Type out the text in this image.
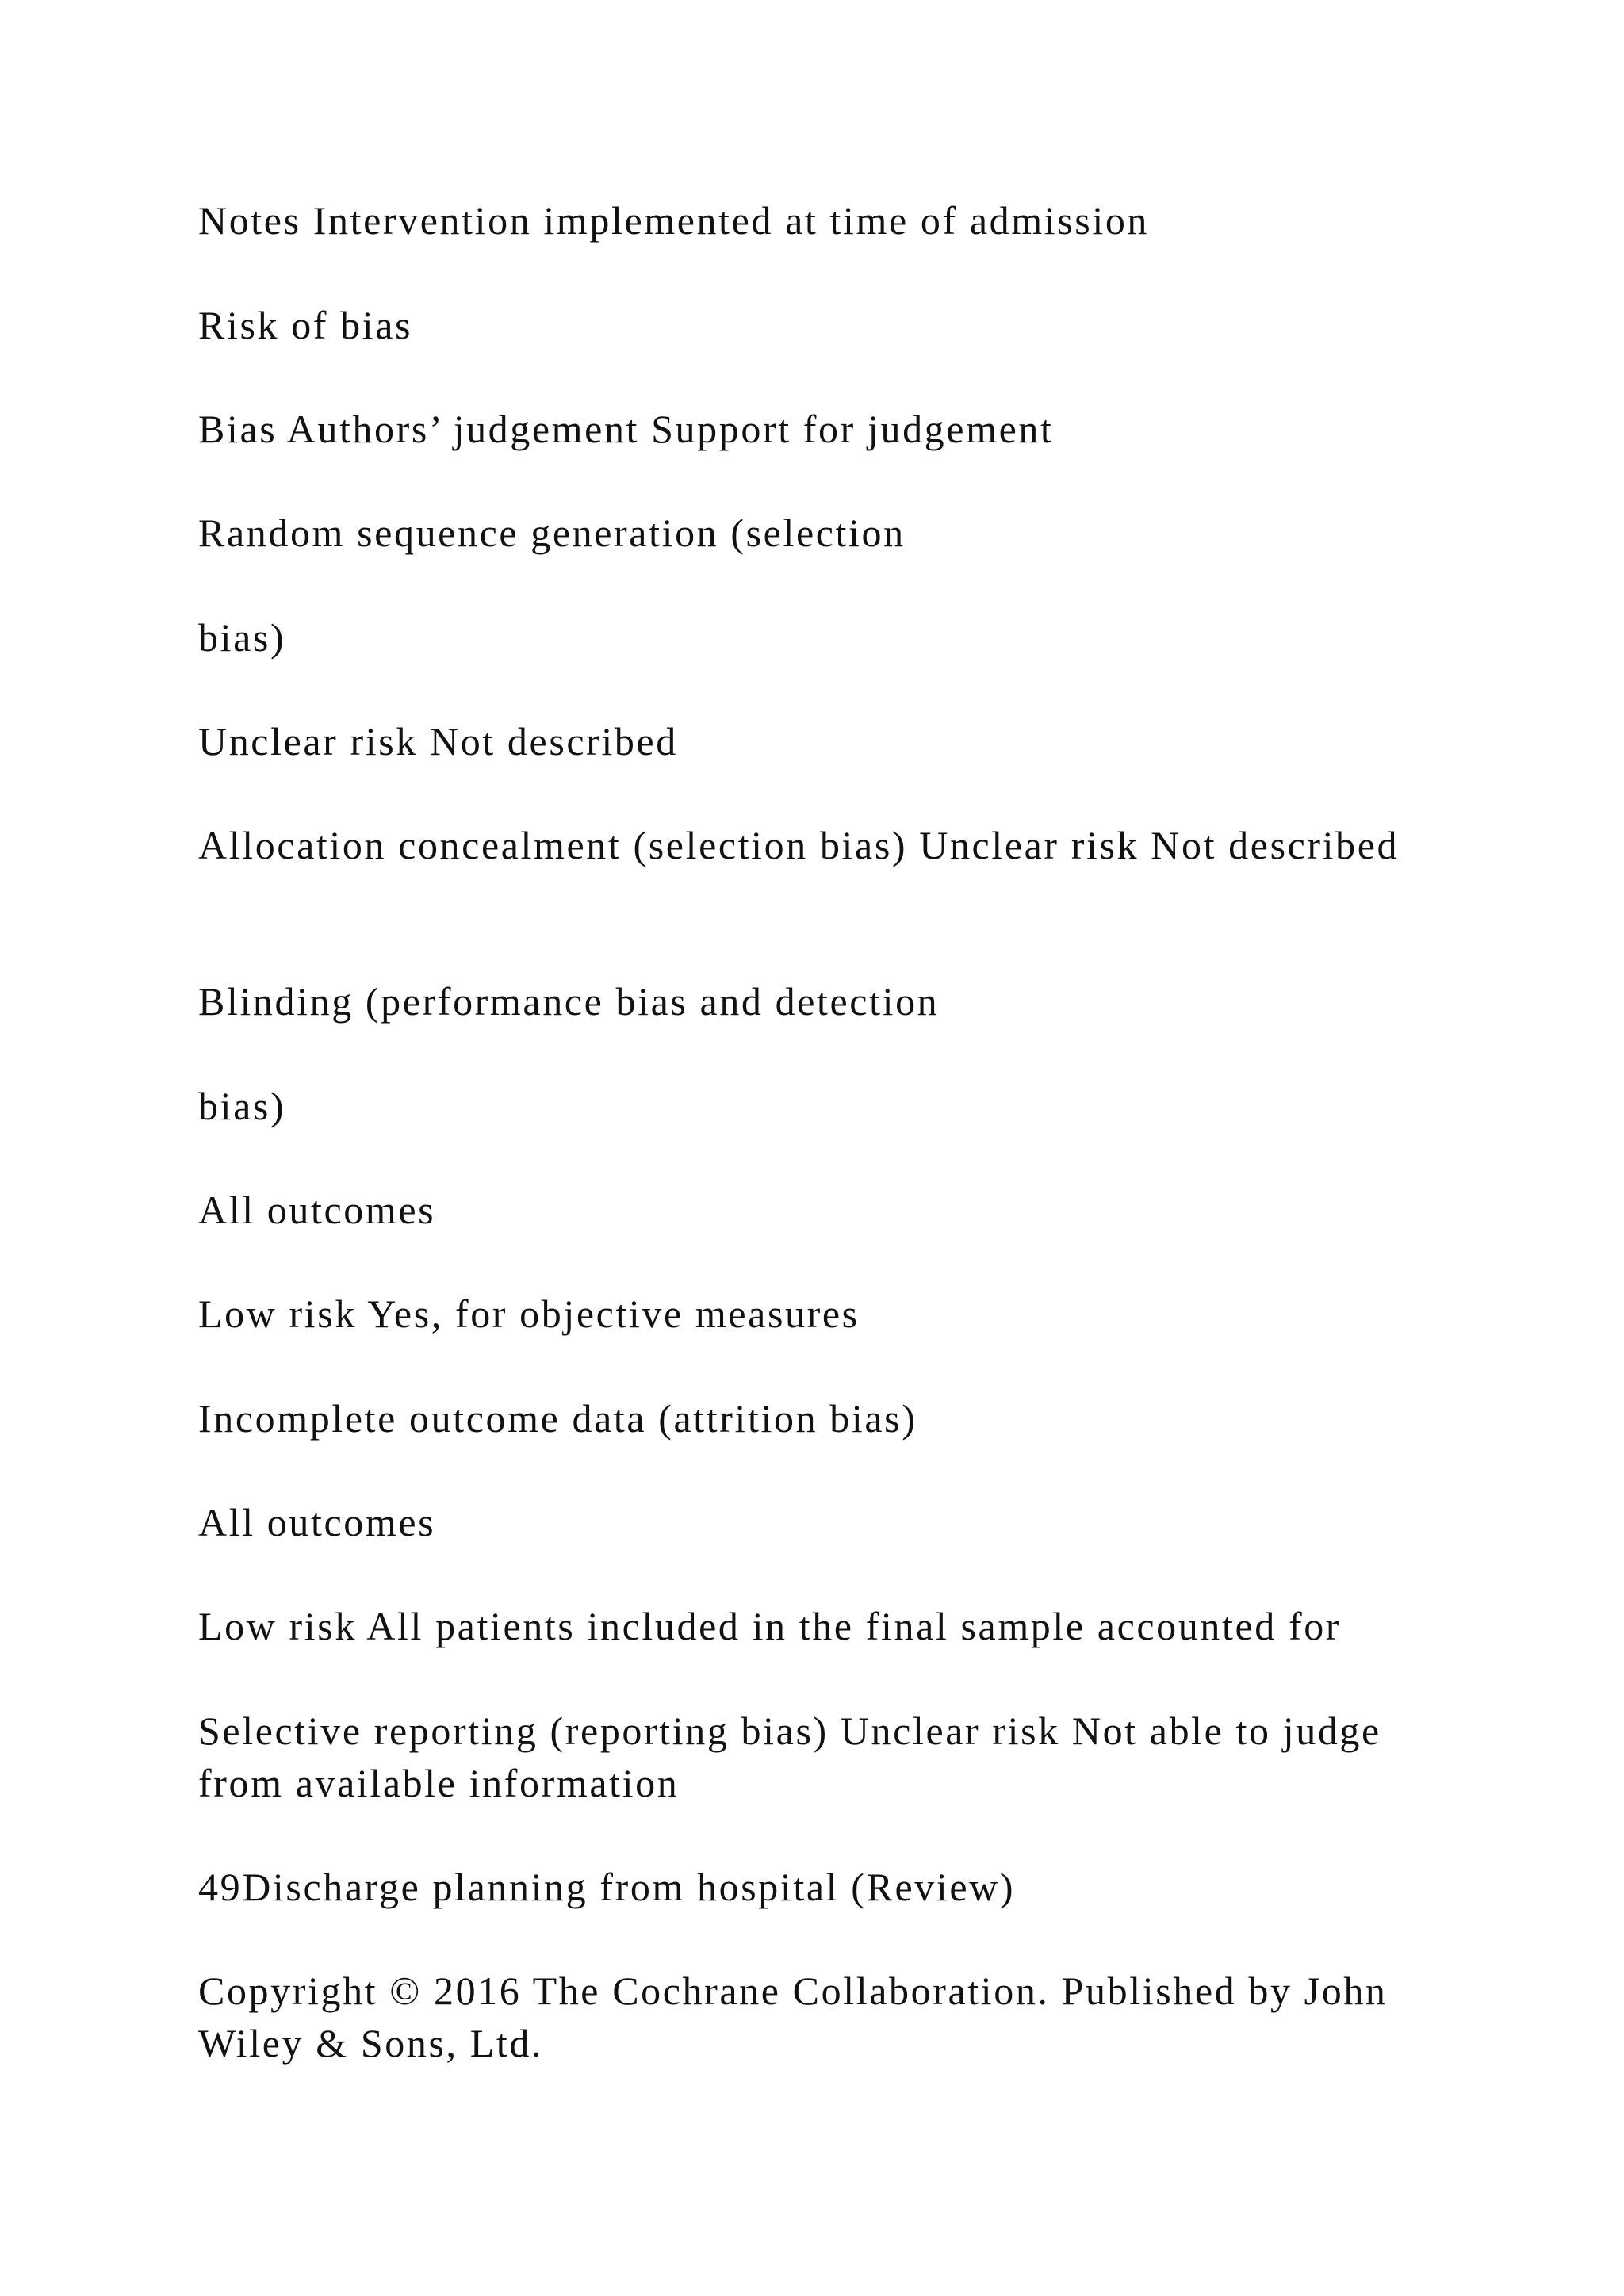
Notes Intervention implemented at time of admission

Risk of bias

Bias Authors’ judgement Support for judgement

Random sequence generation (selection

bias)

Unclear risk Not described

Allocation concealment (selection bias) Unclear risk Not described

Blinding (performance bias and detection

bias)

All outcomes

Low risk Yes, for objective measures

Incomplete outcome data (attrition bias)

All outcomes

Low risk All patients included in the final sample accounted for

Selective reporting (reporting bias) Unclear risk Not able to judge from available information

49Discharge planning from hospital (Review)

Copyright © 2016 The Cochrane Collaboration. Published by John Wiley & Sons, Ltd.
